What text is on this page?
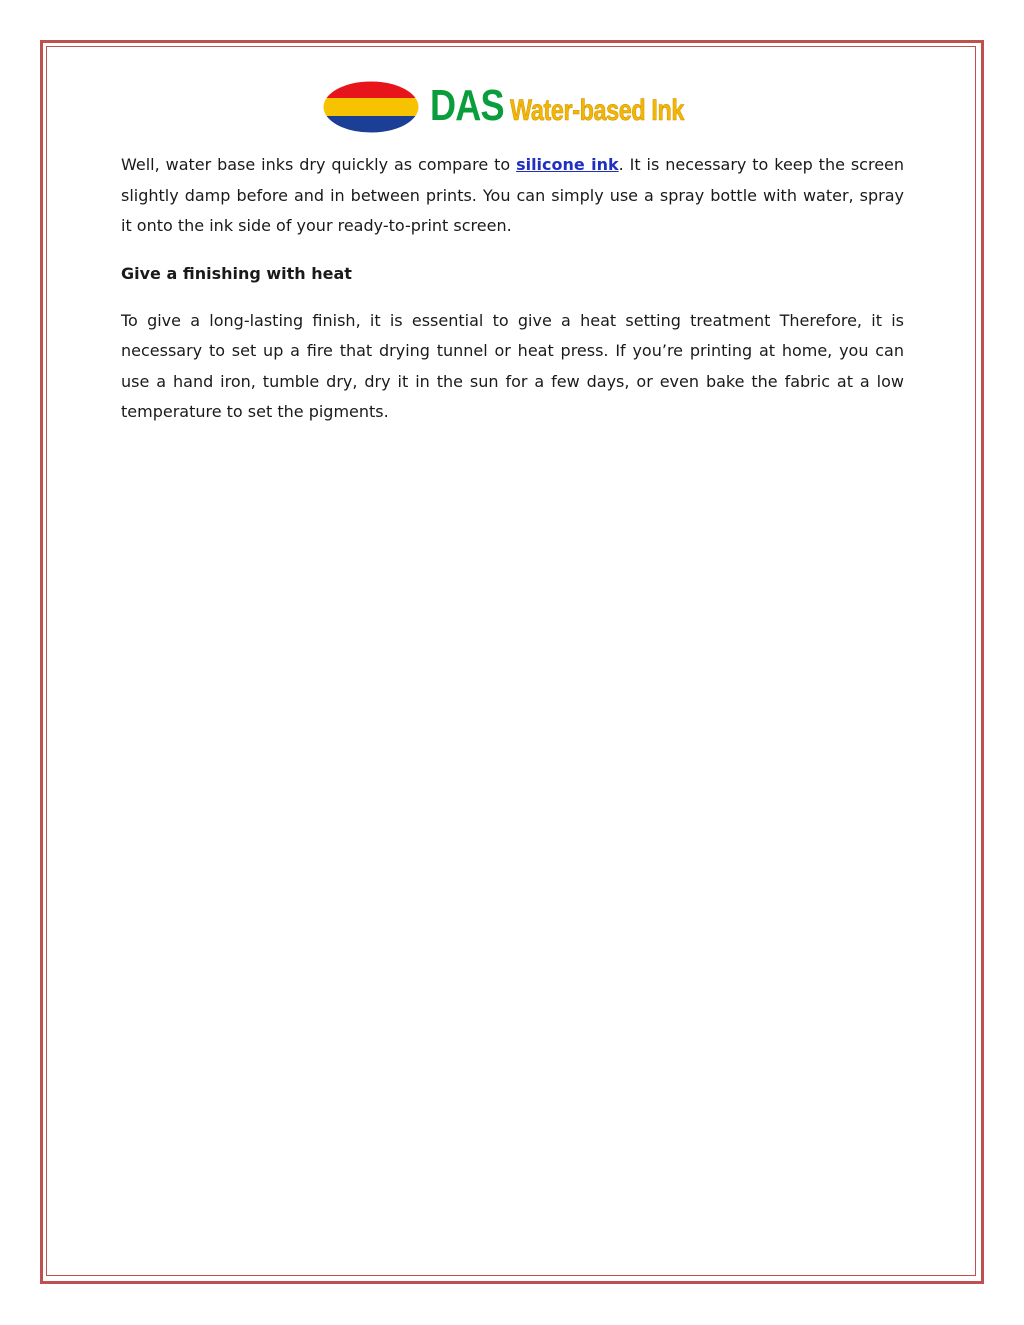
DAS Water-based Ink

Well, water base inks dry quickly as compare to silicone ink. It is necessary to keep the screen slightly damp before and in between prints. You can simply use a spray bottle with water, spray it onto the ink side of your ready-to-print screen.

Give a finishing with heat

To give a long-lasting finish, it is essential to give a heat setting treatment Therefore, it is necessary to set up a fire that drying tunnel or heat press. If you’re printing at home, you can use a hand iron, tumble dry, dry it in the sun for a few days, or even bake the fabric at a low temperature to set the pigments.
